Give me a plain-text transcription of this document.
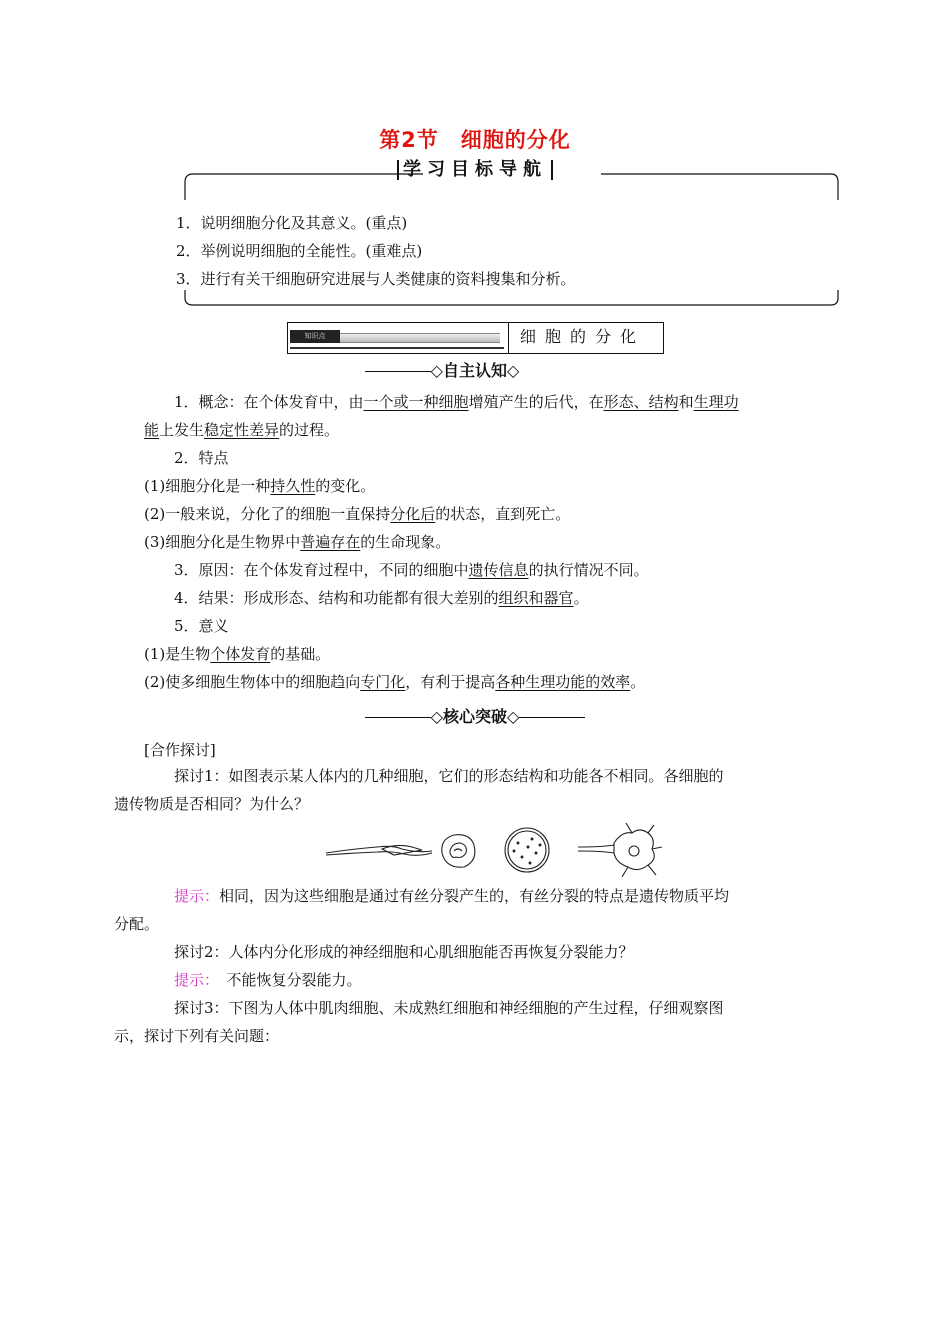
第2节　细胞的分化
学习目标导航
1．说明细胞分化及其意义。(重点)
2．举例说明细胞的全能性。(重难点)
3．进行有关干细胞研究进展与人类健康的资料搜集和分析。
知识点	细胞的分化
◇自主认知◇
1．概念：在个体发育中，由一个或一种细胞增殖产生的后代，在形态、结构和生理功
能上发生稳定性差异的过程。
2．特点
(1)细胞分化是一种持久性的变化。
(2)一般来说，分化了的细胞一直保持分化后的状态，直到死亡。
(3)细胞分化是生物界中普遍存在的生命现象。
3．原因：在个体发育过程中，不同的细胞中遗传信息的执行情况不同。
4．结果：形成形态、结构和功能都有很大差别的组织和器官。
5．意义
(1)是生物个体发育的基础。
(2)使多细胞生物体中的细胞趋向专门化，有利于提高各种生理功能的效率。
◇核心突破◇
[合作探讨]
探讨1：如图表示某人体内的几种细胞，它们的形态结构和功能各不相同。各细胞的
遗传物质是否相同？为什么？
提示：相同，因为这些细胞是通过有丝分裂产生的，有丝分裂的特点是遗传物质平均
分配。
探讨2：人体内分化形成的神经细胞和心肌细胞能否再恢复分裂能力？
提示：　不能恢复分裂能力。
探讨3：下图为人体中肌肉细胞、未成熟红细胞和神经细胞的产生过程，仔细观察图
示，探讨下列有关问题：
